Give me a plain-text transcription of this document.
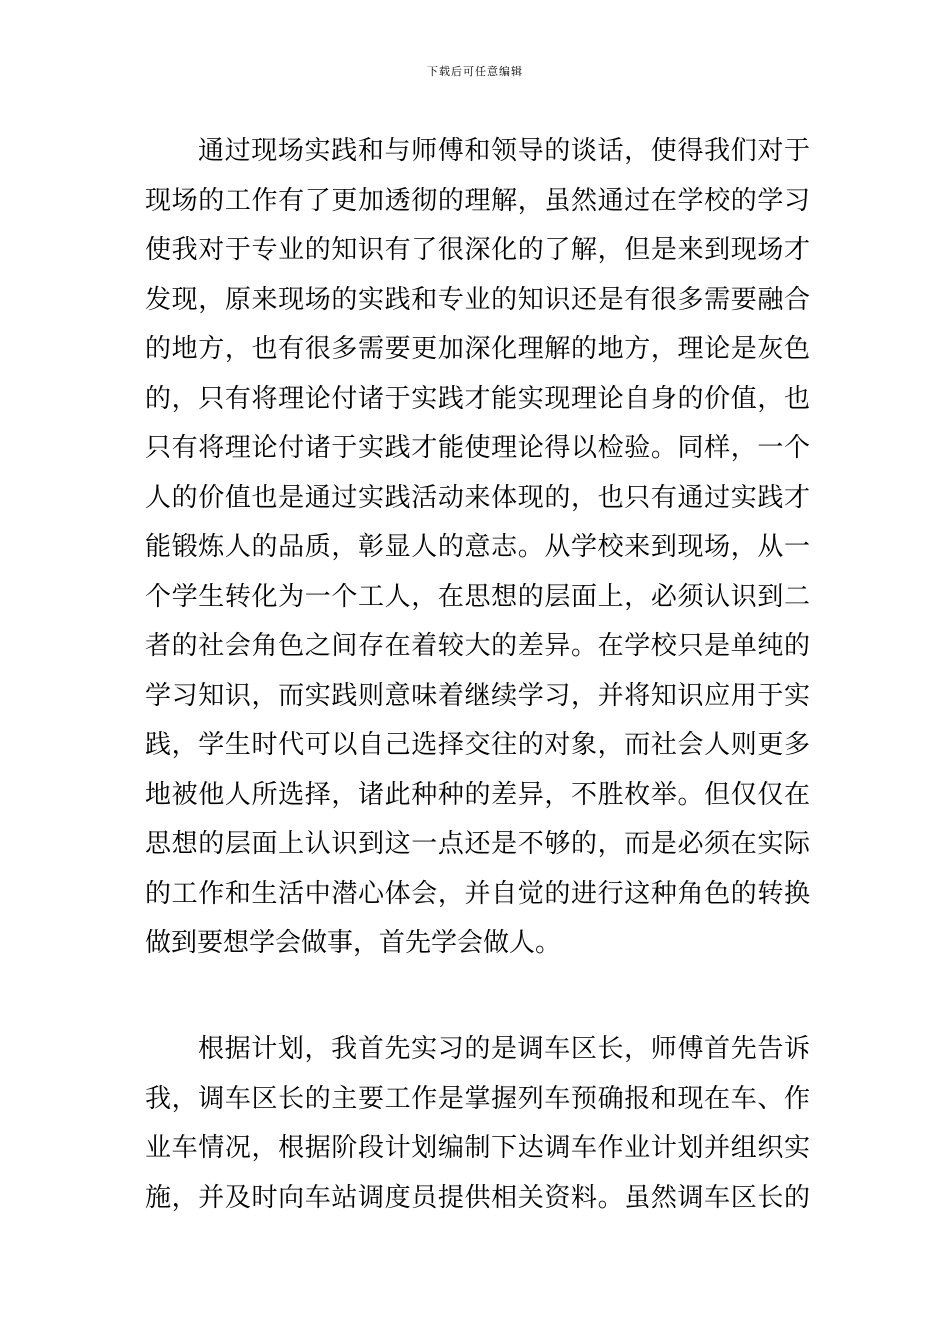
下载后可任意编辑
通过现场实践和与师傅和领导的谈话，使得我们对于
现场的工作有了更加透彻的理解，虽然通过在学校的学习
使我对于专业的知识有了很深化的了解，但是来到现场才
发现，原来现场的实践和专业的知识还是有很多需要融合
的地方，也有很多需要更加深化理解的地方，理论是灰色
的，只有将理论付诸于实践才能实现理论自身的价值，也
只有将理论付诸于实践才能使理论得以检验。同样，一个
人的价值也是通过实践活动来体现的，也只有通过实践才
能锻炼人的品质，彰显人的意志。从学校来到现场，从一
个学生转化为一个工人，在思想的层面上，必须认识到二
者的社会角色之间存在着较大的差异。在学校只是单纯的
学习知识，而实践则意味着继续学习，并将知识应用于实
践，学生时代可以自己选择交往的对象，而社会人则更多
地被他人所选择，诸此种种的差异，不胜枚举。但仅仅在
思想的层面上认识到这一点还是不够的，而是必须在实际
的工作和生活中潜心体会，并自觉的进行这种角色的转换
做到要想学会做事，首先学会做人。
根据计划，我首先实习的是调车区长，师傅首先告诉
我，调车区长的主要工作是掌握列车预确报和现在车、作
业车情况，根据阶段计划编制下达调车作业计划并组织实
施，并及时向车站调度员提供相关资料。虽然调车区长的
